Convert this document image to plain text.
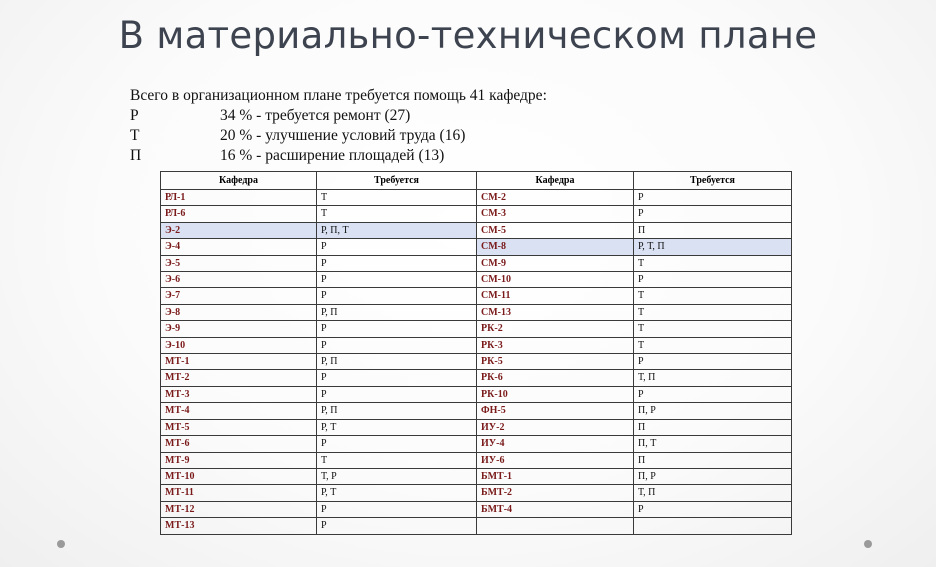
В материально-техническом плане
Всего в организационном плане требуется помощь 41 кафедре:
Р	34 % - требуется ремонт (27)
Т	20 % - улучшение условий труда (16)
П	16 % - расширение площадей (13)
Кафедра	Требуется	Кафедра	Требуется
РЛ-1	Т	СМ-2	Р
РЛ-6	Т	СМ-3	Р
Э-2	Р, П, Т	СМ-5	П
Э-4	Р	СМ-8	Р, Т, П
Э-5	Р	СМ-9	Т
Э-6	Р	СМ-10	Р
Э-7	Р	СМ-11	Т
Э-8	Р, П	СМ-13	Т
Э-9	Р	РК-2	Т
Э-10	Р	РК-3	Т
МТ-1	Р, П	РК-5	Р
МТ-2	Р	РК-6	Т, П
МТ-3	Р	РК-10	Р
МТ-4	Р, П	ФН-5	П, Р
МТ-5	Р, Т	ИУ-2	П
МТ-6	Р	ИУ-4	П, Т
МТ-9	Т	ИУ-6	П
МТ-10	Т, Р	БМТ-1	П, Р
МТ-11	Р, Т	БМТ-2	Т, П
МТ-12	Р	БМТ-4	Р
МТ-13	Р		
